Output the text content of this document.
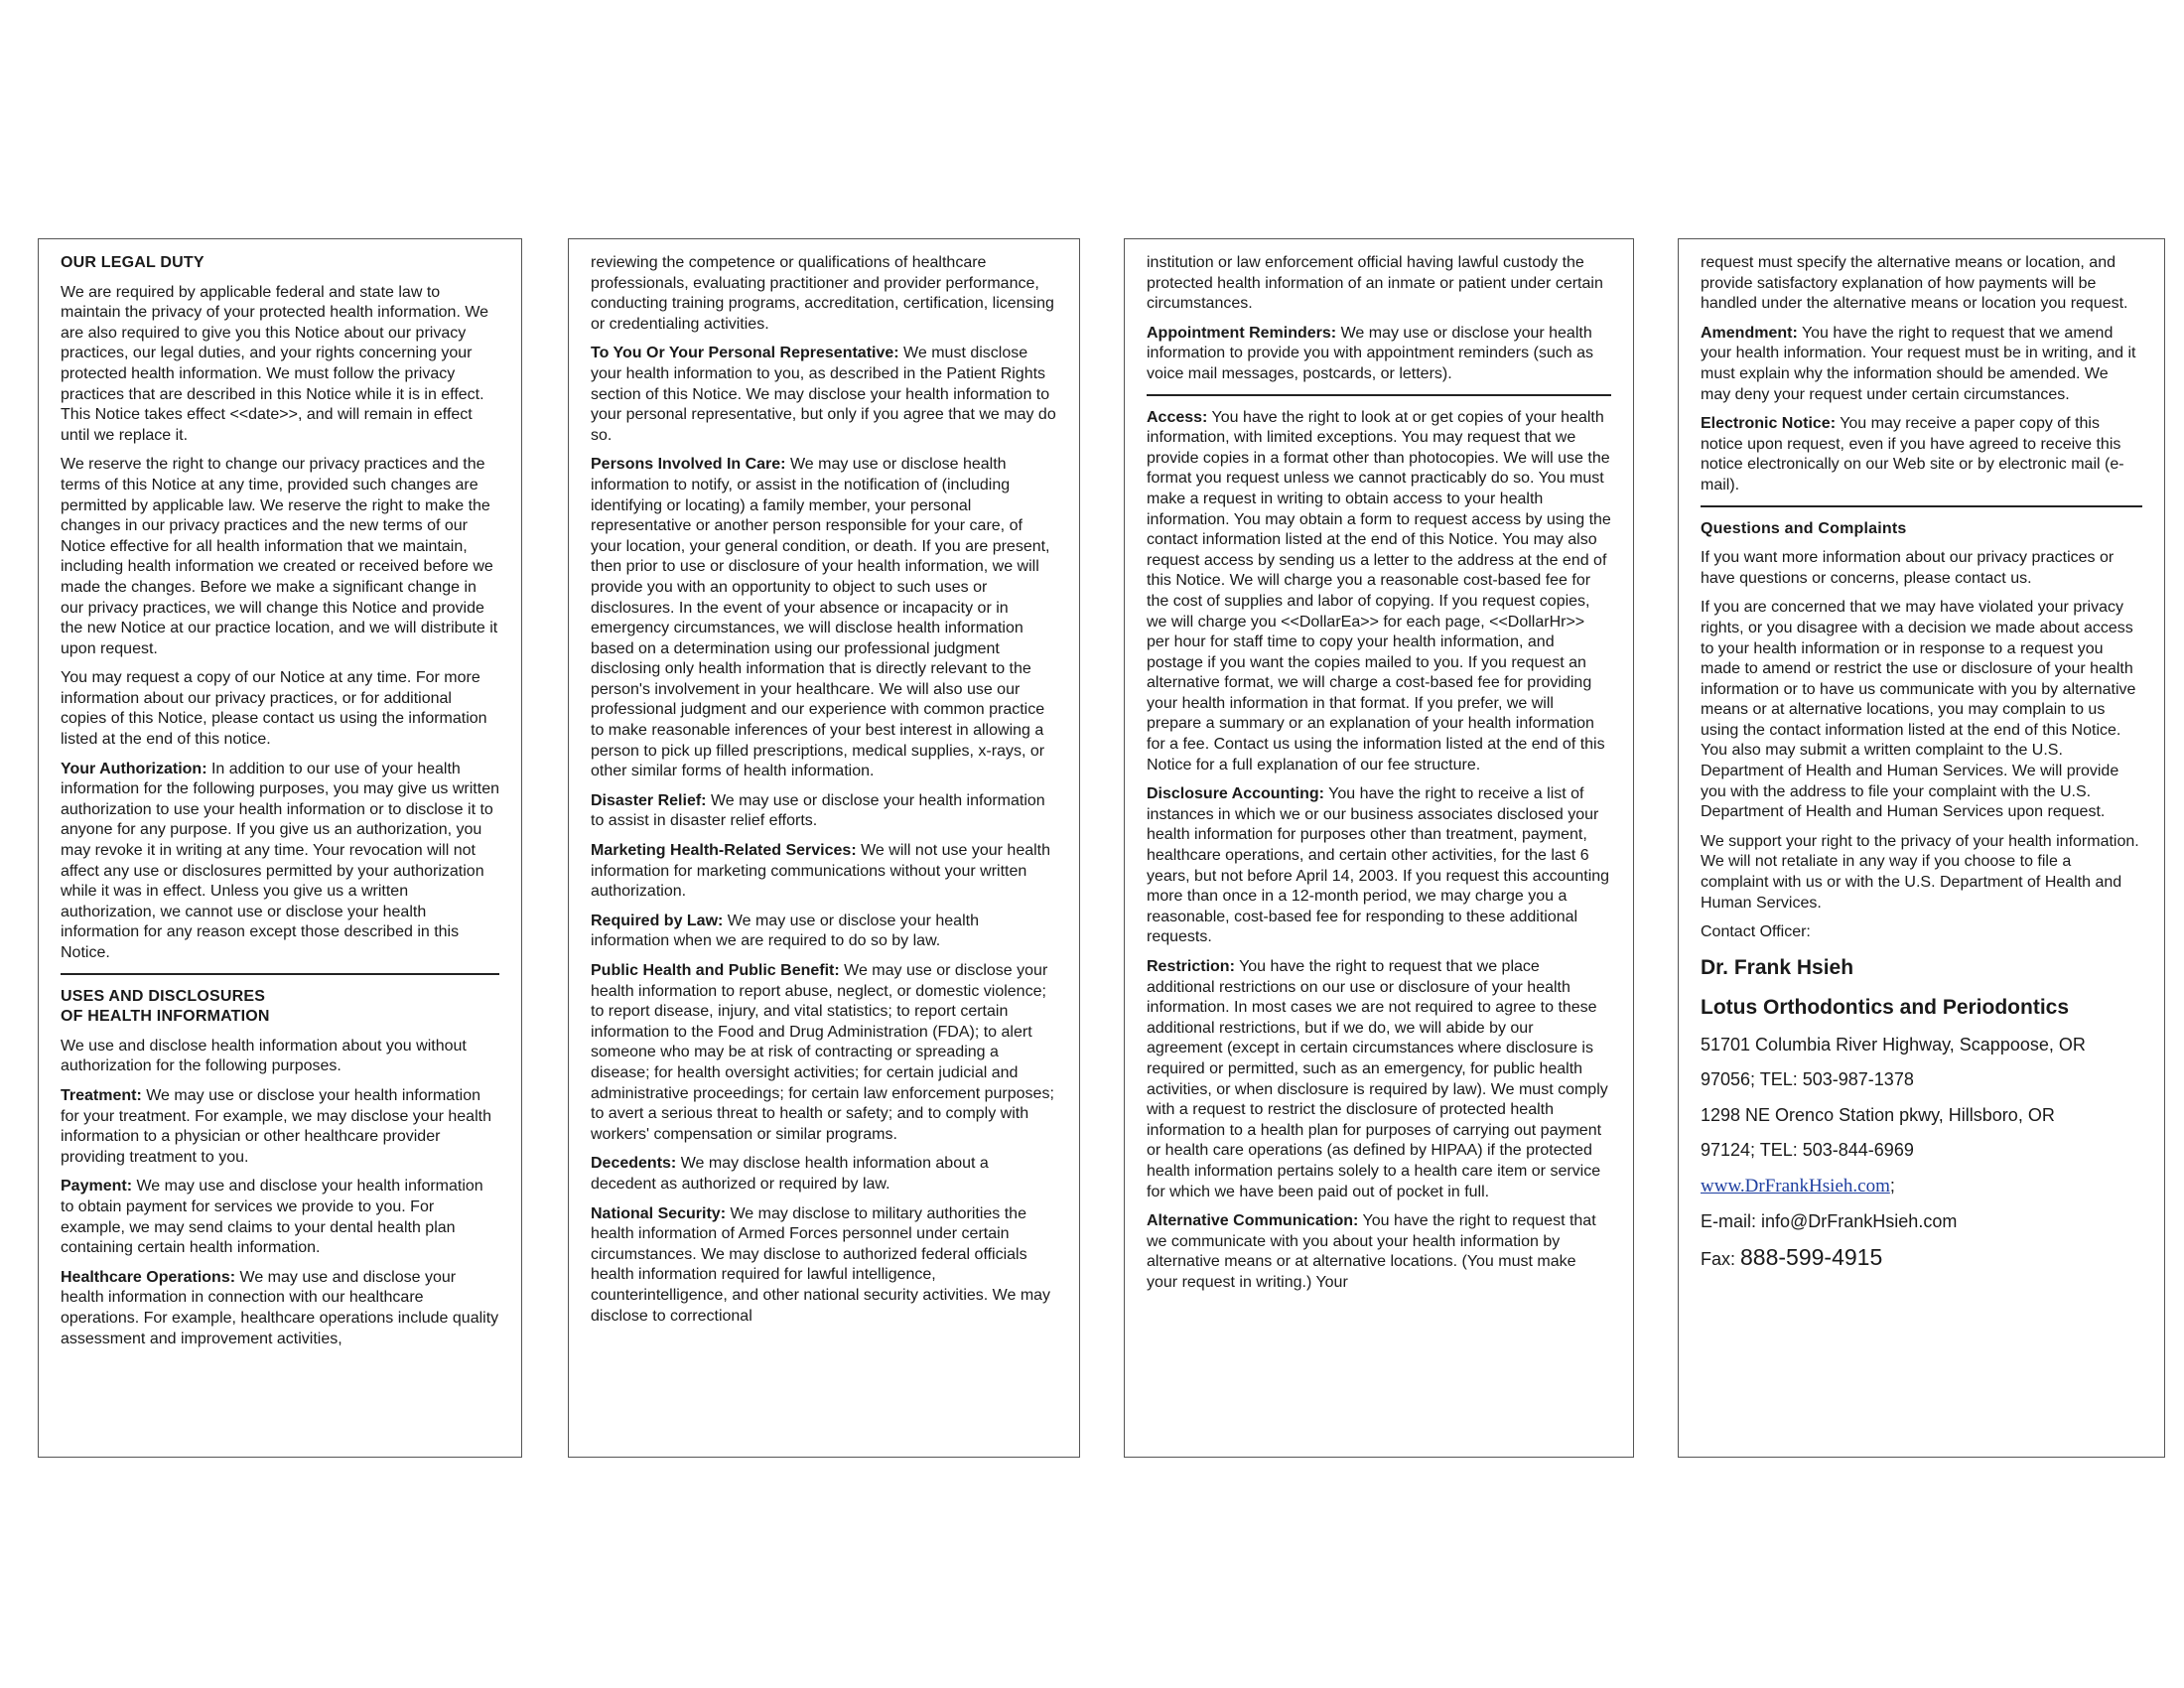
OUR LEGAL DUTY

We are required by applicable federal and state law to maintain the privacy of your protected health information. We are also required to give you this Notice about our privacy practices, our legal duties, and your rights concerning your protected health information. We must follow the privacy practices that are described in this Notice while it is in effect. This Notice takes effect <<date>>, and will remain in effect until we replace it.

We reserve the right to change our privacy practices and the terms of this Notice at any time, provided such changes are permitted by applicable law. We reserve the right to make the changes in our privacy practices and the new terms of our Notice effective for all health information that we maintain, including health information we created or received before we made the changes. Before we make a significant change in our privacy practices, we will change this Notice and provide the new Notice at our practice location, and we will distribute it upon request.

You may request a copy of our Notice at any time. For more information about our privacy practices, or for additional copies of this Notice, please contact us using the information listed at the end of this notice.

Your Authorization: In addition to our use of your health information for the following purposes, you may give us written authorization to use your health information or to disclose it to anyone for any purpose. If you give us an authorization, you may revoke it in writing at any time. Your revocation will not affect any use or disclosures permitted by your authorization while it was in effect. Unless you give us a written authorization, we cannot use or disclose your health information for any reason except those described in this Notice.

USES AND DISCLOSURES
OF HEALTH INFORMATION

We use and disclose health information about you without authorization for the following purposes.

Treatment: We may use or disclose your health information for your treatment. For example, we may disclose your health information to a physician or other healthcare provider providing treatment to you.

Payment: We may use and disclose your health information to obtain payment for services we provide to you. For example, we may send claims to your dental health plan containing certain health information.

Healthcare Operations: We may use and disclose your health information in connection with our healthcare operations. For example, healthcare operations include quality assessment and improvement activities,

reviewing the competence or qualifications of healthcare professionals, evaluating practitioner and provider performance, conducting training programs, accreditation, certification, licensing or credentialing activities.

To You Or Your Personal Representative: We must disclose your health information to you, as described in the Patient Rights section of this Notice. We may disclose your health information to your personal representative, but only if you agree that we may do so.

Persons Involved In Care: We may use or disclose health information to notify, or assist in the notification of (including identifying or locating) a family member, your personal representative or another person responsible for your care, of your location, your general condition, or death. If you are present, then prior to use or disclosure of your health information, we will provide you with an opportunity to object to such uses or disclosures. In the event of your absence or incapacity or in emergency circumstances, we will disclose health information based on a determination using our professional judgment disclosing only health information that is directly relevant to the person's involvement in your healthcare. We will also use our professional judgment and our experience with common practice to make reasonable inferences of your best interest in allowing a person to pick up filled prescriptions, medical supplies, x-rays, or other similar forms of health information.

Disaster Relief: We may use or disclose your health information to assist in disaster relief efforts.

Marketing Health-Related Services: We will not use your health information for marketing communications without your written authorization.

Required by Law: We may use or disclose your health information when we are required to do so by law.

Public Health and Public Benefit: We may use or disclose your health information to report abuse, neglect, or domestic violence; to report disease, injury, and vital statistics; to report certain information to the Food and Drug Administration (FDA); to alert someone who may be at risk of contracting or spreading a disease; for health oversight activities; for certain judicial and administrative proceedings; for certain law enforcement purposes; to avert a serious threat to health or safety; and to comply with workers' compensation or similar programs.

Decedents: We may disclose health information about a decedent as authorized or required by law.

National Security: We may disclose to military authorities the health information of Armed Forces personnel under certain circumstances. We may disclose to authorized federal officials health information required for lawful intelligence, counterintelligence, and other national security activities. We may disclose to correctional

institution or law enforcement official having lawful custody the protected health information of an inmate or patient under certain circumstances.

Appointment Reminders: We may use or disclose your health information to provide you with appointment reminders (such as voice mail messages, postcards, or letters).

Access: You have the right to look at or get copies of your health information, with limited exceptions. You may request that we provide copies in a format other than photocopies. We will use the format you request unless we cannot practicably do so. You must make a request in writing to obtain access to your health information. You may obtain a form to request access by using the contact information listed at the end of this Notice. You may also request access by sending us a letter to the address at the end of this Notice. We will charge you a reasonable cost-based fee for the cost of supplies and labor of copying. If you request copies, we will charge you <<DollarEa>> for each page, <<DollarHr>> per hour for staff time to copy your health information, and postage if you want the copies mailed to you. If you request an alternative format, we will charge a cost-based fee for providing your health information in that format. If you prefer, we will prepare a summary or an explanation of your health information for a fee. Contact us using the information listed at the end of this Notice for a full explanation of our fee structure.

Disclosure Accounting: You have the right to receive a list of instances in which we or our business associates disclosed your health information for purposes other than treatment, payment, healthcare operations, and certain other activities, for the last 6 years, but not before April 14, 2003. If you request this accounting more than once in a 12-month period, we may charge you a reasonable, cost-based fee for responding to these additional requests.

Restriction: You have the right to request that we place additional restrictions on our use or disclosure of your health information. In most cases we are not required to agree to these additional restrictions, but if we do, we will abide by our agreement (except in certain circumstances where disclosure is required or permitted, such as an emergency, for public health activities, or when disclosure is required by law). We must comply with a request to restrict the disclosure of protected health information to a health plan for purposes of carrying out payment or health care operations (as defined by HIPAA) if the protected health information pertains solely to a health care item or service for which we have been paid out of pocket in full.

Alternative Communication: You have the right to request that we communicate with you about your health information by alternative means or at alternative locations. (You must make your request in writing.) Your

request must specify the alternative means or location, and provide satisfactory explanation of how payments will be handled under the alternative means or location you request.

Amendment: You have the right to request that we amend your health information. Your request must be in writing, and it must explain why the information should be amended. We may deny your request under certain circumstances.

Electronic Notice: You may receive a paper copy of this notice upon request, even if you have agreed to receive this notice electronically on our Web site or by electronic mail (e-mail).

Questions and Complaints

If you want more information about our privacy practices or have questions or concerns, please contact us.

If you are concerned that we may have violated your privacy rights, or you disagree with a decision we made about access to your health information or in response to a request you made to amend or restrict the use or disclosure of your health information or to have us communicate with you by alternative means or at alternative locations, you may complain to us using the contact information listed at the end of this Notice. You also may submit a written complaint to the U.S. Department of Health and Human Services. We will provide you with the address to file your complaint with the U.S. Department of Health and Human Services upon request.

We support your right to the privacy of your health information. We will not retaliate in any way if you choose to file a complaint with us or with the U.S. Department of Health and Human Services.

Contact Officer:

Dr. Frank Hsieh

Lotus Orthodontics and Periodontics

51701 Columbia River Highway, Scappoose, OR

97056; TEL: 503-987-1378

1298 NE Orenco Station pkwy, Hillsboro, OR

97124; TEL: 503-844-6969

www.DrFrankHsieh.com;

E-mail: info@DrFrankHsieh.com

Fax: 888-599-4915
